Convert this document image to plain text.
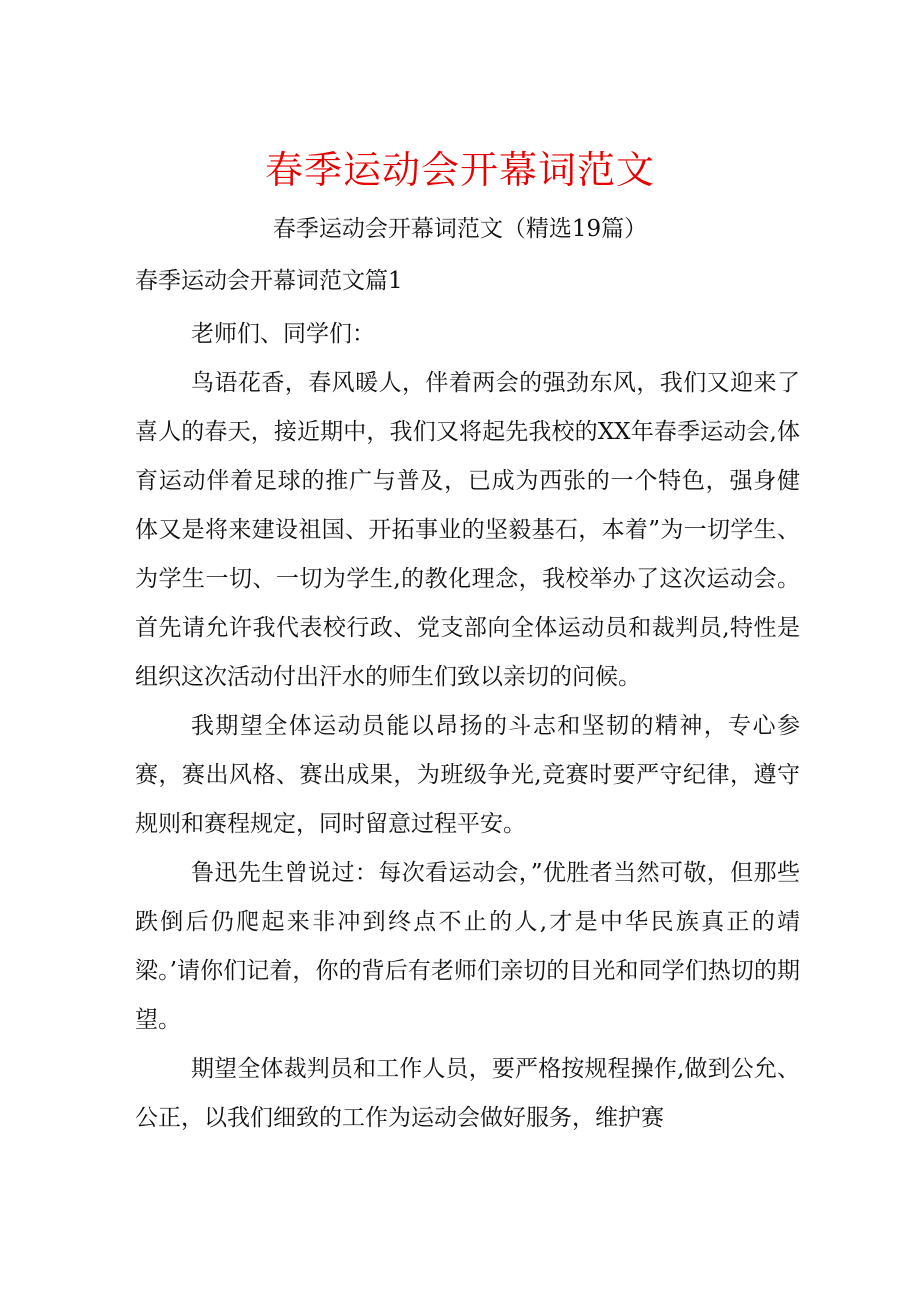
春季运动会开幕词范文

春季运动会开幕词范文（精选19篇）

春季运动会开幕词范文篇1

老师们、同学们：

鸟语花香，春风暖人，伴着两会的强劲东风，我们又迎来了喜人的春天，接近期中，我们又将起先我校的XX年春季运动会,体育运动伴着足球的推广与普及，已成为西张的一个特色，强身健体又是将来建设祖国、开拓事业的坚毅基石，本着”为一切学生、为学生一切、一切为学生,的教化理念，我校举办了这次运动会。首先请允许我代表校行政、党支部向全体运动员和裁判员,特性是组织这次活动付出汗水的师生们致以亲切的问候。

我期望全体运动员能以昂扬的斗志和坚韧的精神，专心参赛，赛出风格、赛出成果，为班级争光,竞赛时要严守纪律，遵守规则和赛程规定，同时留意过程平安。

鲁迅先生曾说过：每次看运动会，”优胜者当然可敬，但那些跌倒后仍爬起来非冲到终点不止的人,才是中华民族真正的靖梁。’请你们记着，你的背后有老师们亲切的目光和同学们热切的期望。

期望全体裁判员和工作人员，要严格按规程操作,做到公允、公正，以我们细致的工作为运动会做好服务，维护赛
